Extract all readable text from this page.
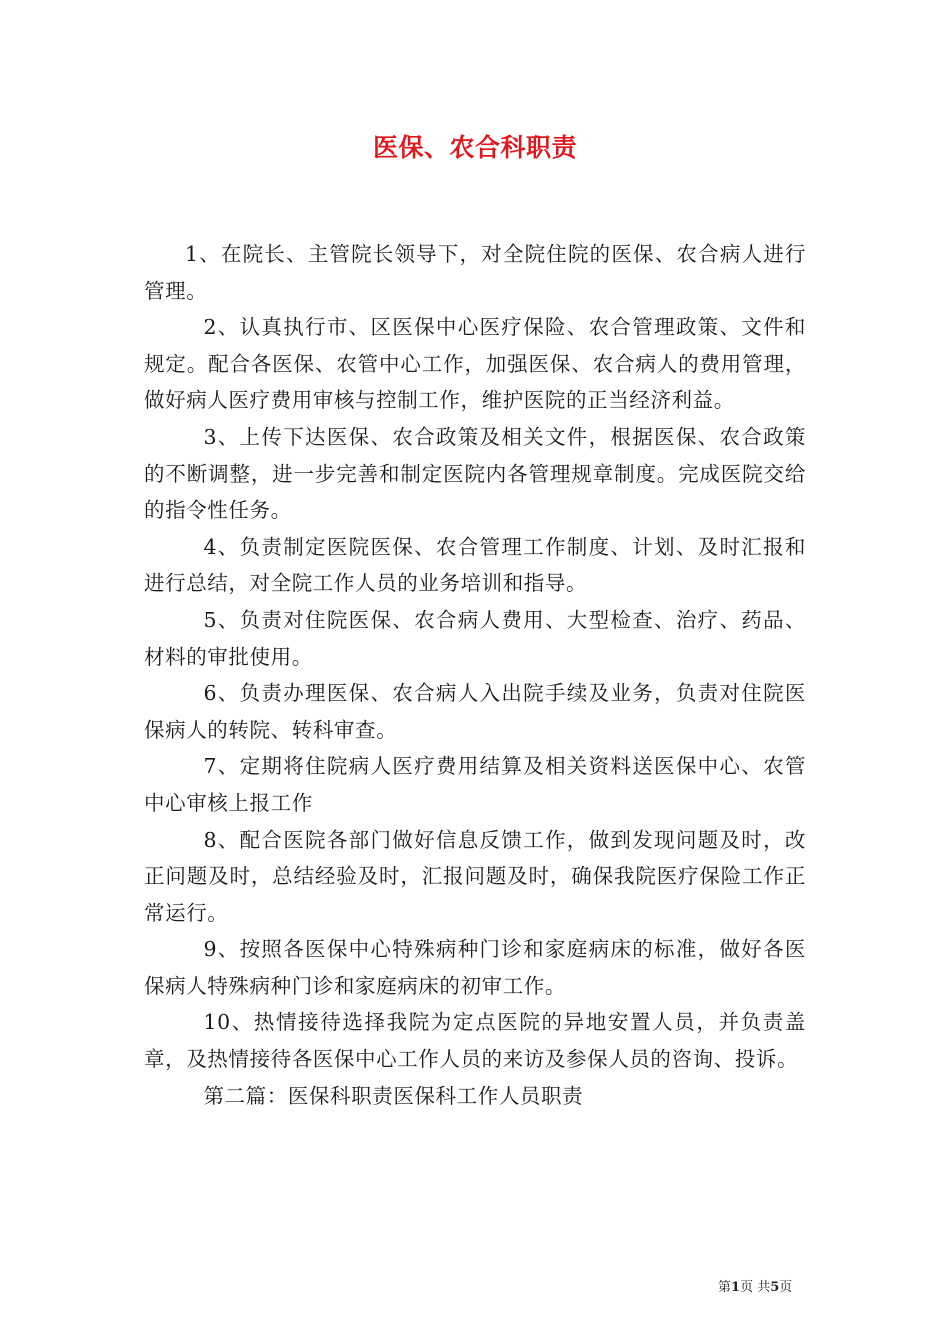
医保、农合科职责

1、在院长、主管院长领导下，对全院住院的医保、农合病人进行管理。

2、认真执行市、区医保中心医疗保险、农合管理政策、文件和规定。配合各医保、农管中心工作，加强医保、农合病人的费用管理，做好病人医疗费用审核与控制工作，维护医院的正当经济利益。

3、上传下达医保、农合政策及相关文件，根据医保、农合政策的不断调整，进一步完善和制定医院内各管理规章制度。完成医院交给的指令性任务。

4、负责制定医院医保、农合管理工作制度、计划、及时汇报和进行总结，对全院工作人员的业务培训和指导。

5、负责对住院医保、农合病人费用、大型检查、治疗、药品、材料的审批使用。

6、负责办理医保、农合病人入出院手续及业务，负责对住院医保病人的转院、转科审查。

7、定期将住院病人医疗费用结算及相关资料送医保中心、农管中心审核上报工作

8、配合医院各部门做好信息反馈工作，做到发现问题及时，改正问题及时，总结经验及时，汇报问题及时，确保我院医疗保险工作正常运行。

9、按照各医保中心特殊病种门诊和家庭病床的标准，做好各医保病人特殊病种门诊和家庭病床的初审工作。

10、热情接待选择我院为定点医院的异地安置人员，并负责盖章，及热情接待各医保中心工作人员的来访及参保人员的咨询、投诉。

第二篇：医保科职责医保科工作人员职责

第1页 共5页
